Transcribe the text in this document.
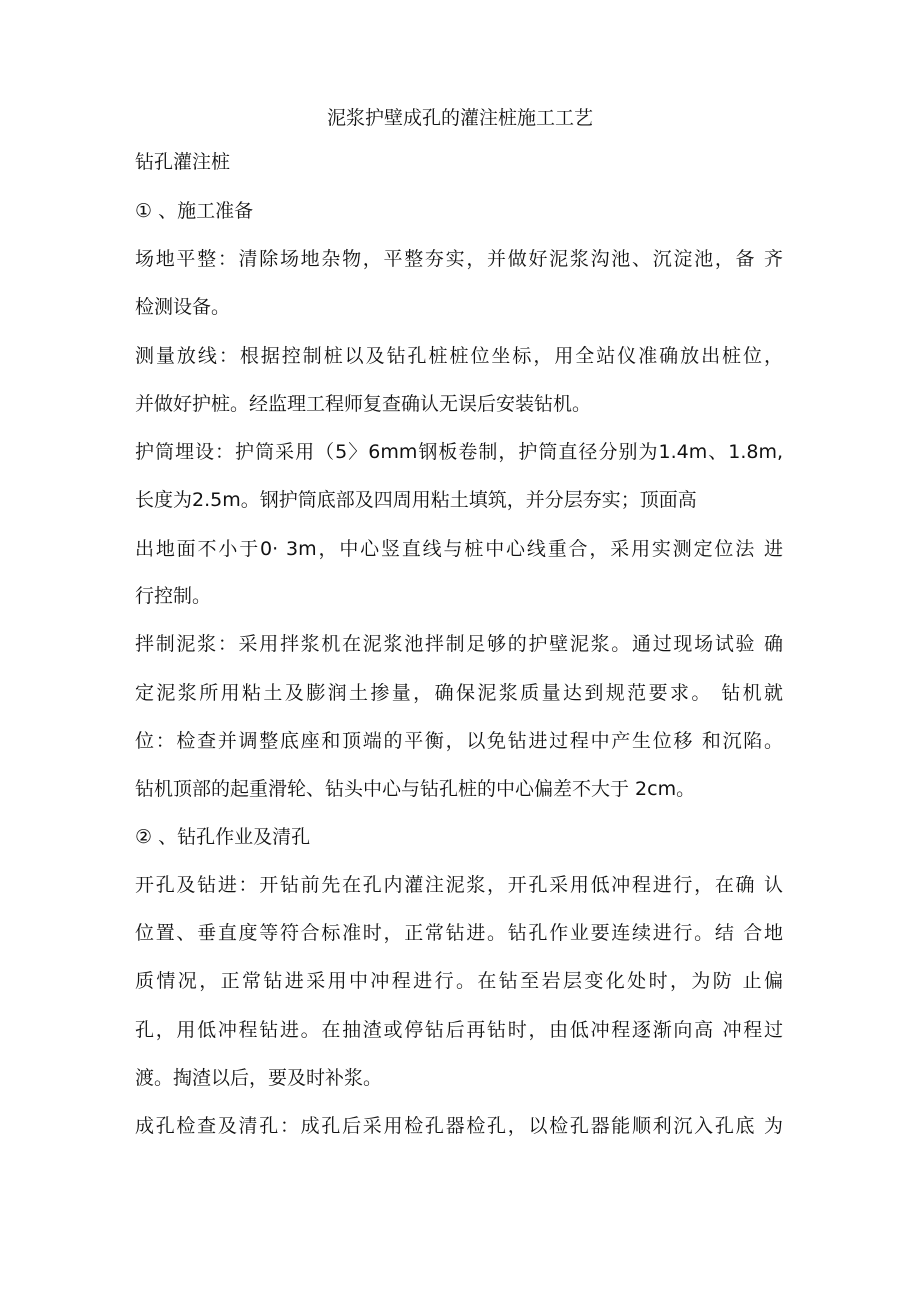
泥浆护壁成孔的灌注桩施工工艺
钻孔灌注桩
① 、施工准备
场地平整：清除场地杂物，平整夯实，并做好泥浆沟池、沉淀池，备 齐
检测设备。
测量放线：根据控制桩以及钻孔桩桩位坐标，用全站仪准确放出桩位，
并做好护桩。经监理工程师复查确认无误后安装钻机。
护筒埋设：护筒采用（5〉6mm钢板卷制，护筒直径分别为1.4m、1.8m,
长度为2.5m。钢护筒底部及四周用粘土填筑，并分层夯实；顶面高
出地面不小于0· 3m，中心竖直线与桩中心线重合，采用实测定位法 进
行控制。
拌制泥浆：采用拌浆机在泥浆池拌制足够的护壁泥浆。通过现场试验 确
定泥浆所用粘土及膨润土掺量，确保泥浆质量达到规范要求。 钻机就
位：检查并调整底座和顶端的平衡，以免钻进过程中产生位移 和沉陷。
钻机顶部的起重滑轮、钻头中心与钻孔桩的中心偏差不大于 2cm。
② 、钻孔作业及清孔
开孔及钻进：开钻前先在孔内灌注泥浆，开孔采用低冲程进行，在确 认
位置、垂直度等符合标准时，正常钻进。钻孔作业要连续进行。结 合地
质情况，正常钻进采用中冲程进行。在钻至岩层变化处时，为防 止偏
孔，用低冲程钻进。在抽渣或停钻后再钻时，由低冲程逐渐向高 冲程过
渡。掏渣以后，要及时补浆。
成孔检查及清孔：成孔后采用检孔器检孔，以检孔器能顺利沉入孔底 为
